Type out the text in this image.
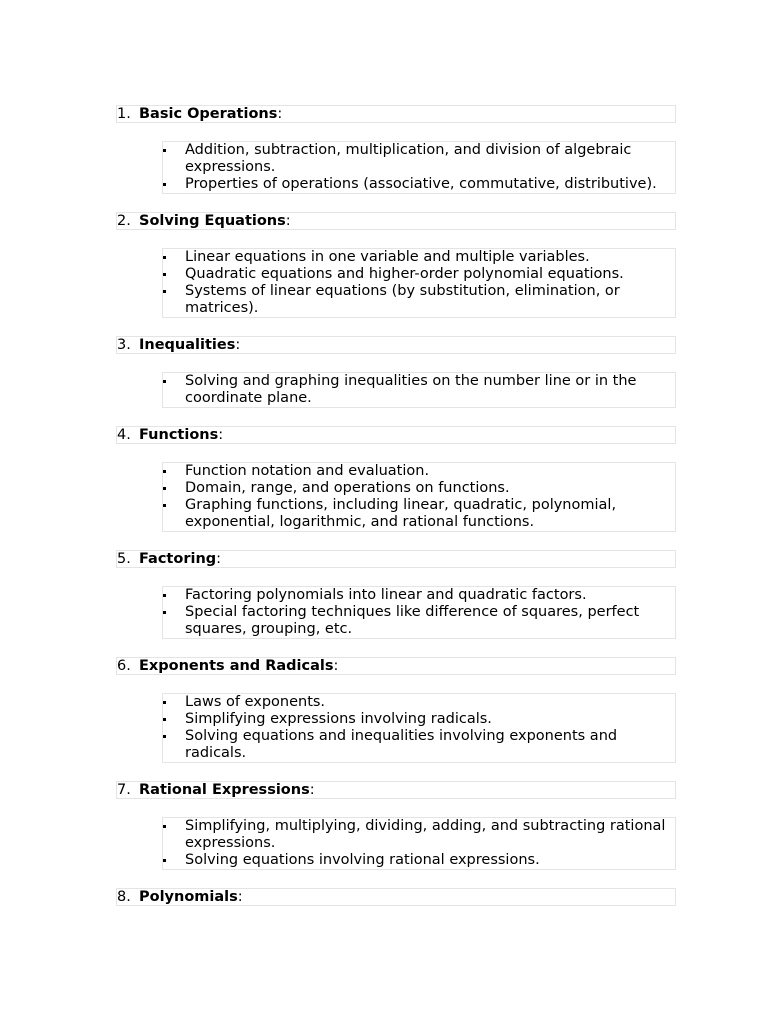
1. Basic Operations:
Addition, subtraction, multiplication, and division of algebraic expressions.
Properties of operations (associative, commutative, distributive).
2. Solving Equations:
Linear equations in one variable and multiple variables.
Quadratic equations and higher-order polynomial equations.
Systems of linear equations (by substitution, elimination, or matrices).
3. Inequalities:
Solving and graphing inequalities on the number line or in the coordinate plane.
4. Functions:
Function notation and evaluation.
Domain, range, and operations on functions.
Graphing functions, including linear, quadratic, polynomial, exponential, logarithmic, and rational functions.
5. Factoring:
Factoring polynomials into linear and quadratic factors.
Special factoring techniques like difference of squares, perfect squares, grouping, etc.
6. Exponents and Radicals:
Laws of exponents.
Simplifying expressions involving radicals.
Solving equations and inequalities involving exponents and radicals.
7. Rational Expressions:
Simplifying, multiplying, dividing, adding, and subtracting rational expressions.
Solving equations involving rational expressions.
8. Polynomials:
